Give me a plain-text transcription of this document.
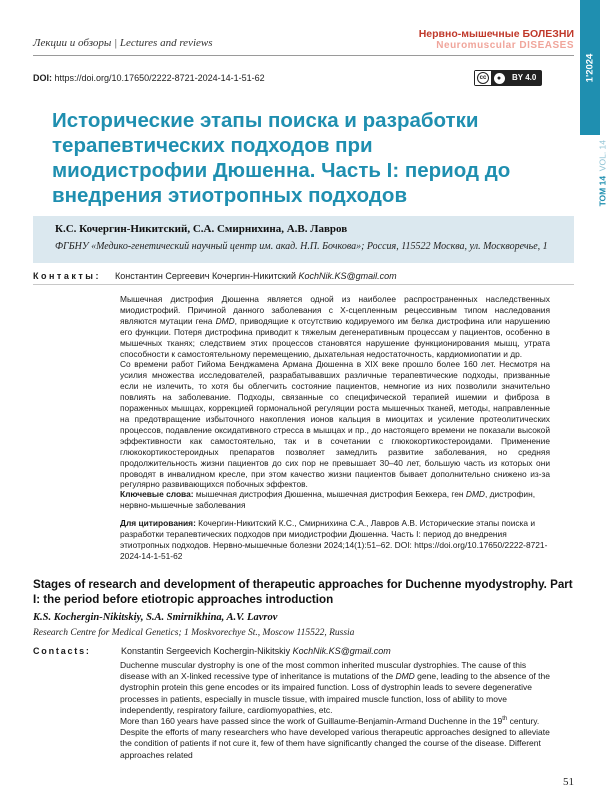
1'2024
ТОМ 14  VOL. 14
Лекции и обзоры | Lectures and reviews
Нервно-мышечные БОЛЕЗНИ
Neuromuscular DISEASES
DOI: https://doi.org/10.17650/2222-8721-2024-14-1-51-62	cc	●	BY 4.0
Исторические этапы поиска и разработки терапевтических подходов при миодистрофии Дюшенна. Часть I: период до внедрения этиотропных подходов
К.С. Кочергин-Никитский, С.А. Смирнихина, А.В. Лавров
ФГБНУ «Медико-генетический научный центр им. акад. Н.П. Бочкова»; Россия, 115522 Москва, ул. Москворечье, 1
Контакты: Константин Сергеевич Кочергин-Никитский KochNik.KS@gmail.com

Мышечная дистрофия Дюшенна является одной из наиболее распространенных наследственных миодистрофий. Причиной данного заболевания с Х-сцепленным рецессивным типом наследования являются мутации гена DMD, приводящие к отсутствию кодируемого им белка дистрофина или нарушению его функции. Потеря дистрофина приводит к тяжелым дегенеративным процессам у пациентов, особенно в мышечных тканях; следствием этих процессов становятся нарушение функционирования мышц, утрата способности к самостоятельному перемещению, дыхательная недостаточность, кардиомиопатии и др.

Со времени работ Гийома Бенджамена Армана Дюшенна в XIX веке прошло более 160 лет. Несмотря на усилия множества исследователей, разрабатывавших различные терапевтические подходы, призванные если не излечить, то хотя бы облегчить состояние пациентов, немногие из них позволили значительно повлиять на заболевание. Подходы, связанные со специфической терапией ишемии и фиброза в пораженных мышцах, коррекцией гормональной регуляции роста мышечных тканей, методы, направленные на предотвращение избыточного накопления ионов кальция в миоцитах и усиление протеолитических процессов, подавление оксидативного стресса в мышцах и пр., до настоящего времени не показали высокой эффективности как самостоятельно, так и в сочетании с глюкокортикостероидами. Применение глюкокортикостероидных препаратов позволяет замедлить развитие заболевания, но средняя продолжительность жизни пациентов до сих пор не превышает 30–40 лет, большую часть из которых они проводят в инвалидном кресле, при этом качество жизни пациентов бывает дополнительно снижено из-за регулярно развивающихся побочных эффектов.

Ключевые слова: мышечная дистрофия Дюшенна, мышечная дистрофия Беккера, ген DMD, дистрофин, нервно-мышечные заболевания
Для цитирования: Кочергин-Никитский К.С., Смирнихина С.А., Лавров А.В. Исторические этапы поиска и разработки терапевтических подходов при миодистрофии Дюшенна. Часть I: период до внедрения этиотропных подходов. Нервно-мышечные болезни 2024;14(1):51–62. DOI: https://doi.org/10.17650/2222-8721-2024-14-1-51-62
Stages of research and development of therapeutic approaches for Duchenne myodystrophy. Part I: the period before etiotropic approaches introduction
K.S. Kochergin-Nikitskiy, S.A. Smirnikhina, A.V. Lavrov
Research Centre for Medical Genetics; 1 Moskvorechye St., Moscow 115522, Russia
Contacts:	Konstantin Sergeevich Kochergin-Nikitskiy KochNik.KS@gmail.com

Duchenne muscular dystrophy is one of the most common inherited muscular dystrophies. The cause of this disease with an X-linked recessive type of inheritance is mutations of the DMD gene, leading to the absence of the dystrophin protein this gene encodes or its impaired function. Loss of dystrophin leads to severe degenerative processes in patients, especially in muscle tissue, with impaired muscle function, loss of ability to move independently, respiratory failure, cardiomyopathies, etc.

More than 160 years have passed since the work of Guillaume-Benjamin-Armand Duchenne in the 19th century. Despite the efforts of many researchers who have developed various therapeutic approaches designed to alleviate the condition of patients if not cure it, few of them have significantly changed the course of the disease. Different approaches related

51
